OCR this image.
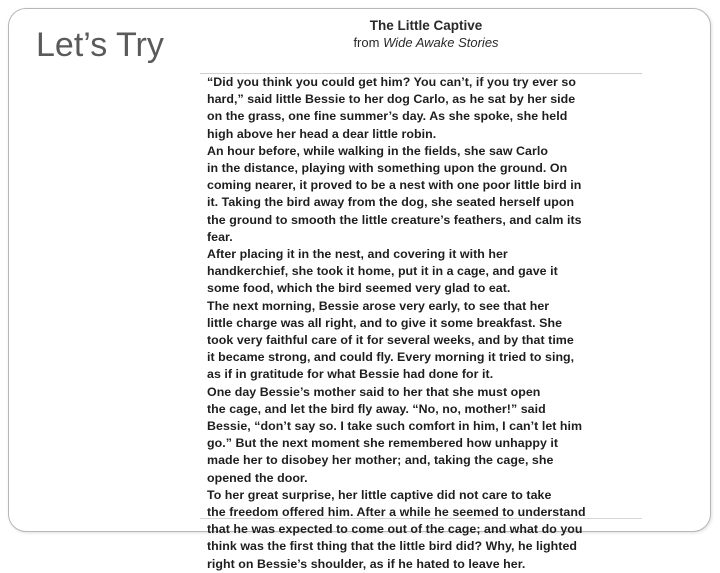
Let’s Try
The Little Captive
from Wide Awake Stories
“Did you think you could get him? You can’t, if you try ever so
hard,” said little Bessie to her dog Carlo, as he sat by her side
on the grass, one fine summer’s day. As she spoke, she held
high above her head a dear little robin.
An hour before, while walking in the fields, she saw Carlo
in the distance, playing with something upon the ground. On
coming nearer, it proved to be a nest with one poor little bird in
it. Taking the bird away from the dog, she seated herself upon
the ground to smooth the little creature’s feathers, and calm its
fear.
After placing it in the nest, and covering it with her
handkerchief, she took it home, put it in a cage, and gave it
some food, which the bird seemed very glad to eat.
The next morning, Bessie arose very early, to see that her
little charge was all right, and to give it some breakfast. She
took very faithful care of it for several weeks, and by that time
it became strong, and could fly. Every morning it tried to sing,
as if in gratitude for what Bessie had done for it.
One day Bessie’s mother said to her that she must open
the cage, and let the bird fly away. “No, no, mother!” said
Bessie, “don’t say so. I take such comfort in him, I can’t let him
go.” But the next moment she remembered how unhappy it
made her to disobey her mother; and, taking the cage, she
opened the door.
To her great surprise, her little captive did not care to take
the freedom offered him. After a while he seemed to understand
that he was expected to come out of the cage; and what do you
think was the first thing that the little bird did? Why, he lighted
right on Bessie’s shoulder, as if he hated to leave her.
